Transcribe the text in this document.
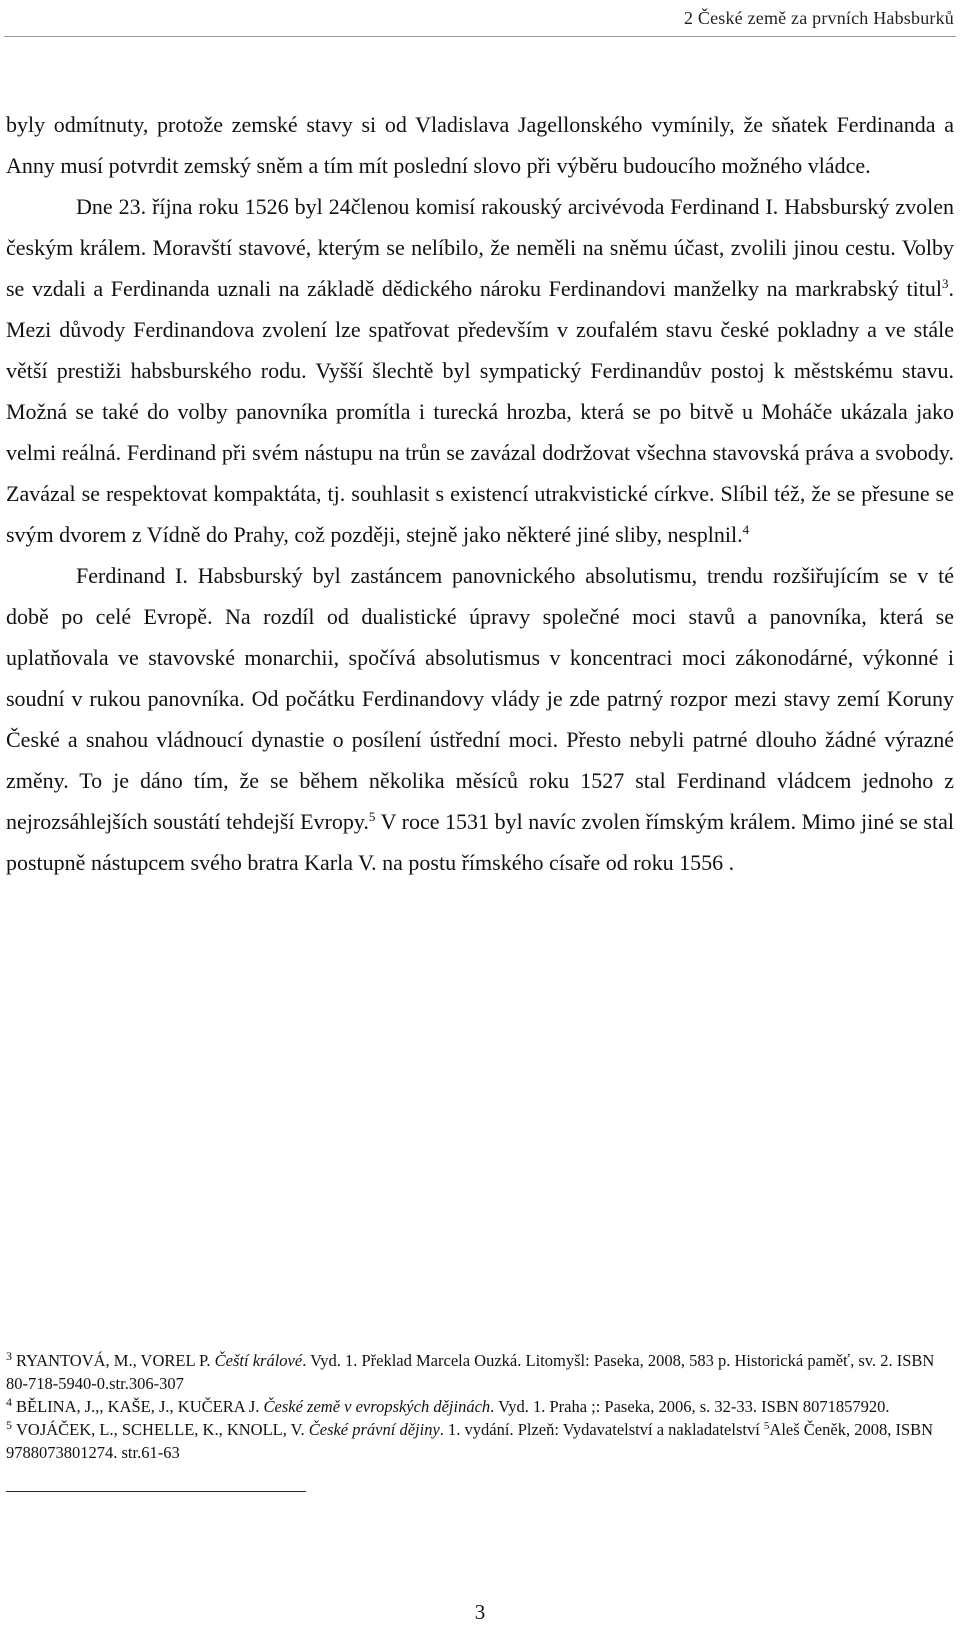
2 České země za prvních Habsburků

byly odmítnuty, protože zemské stavy si od Vladislava Jagellonského vymínily, že sňatek Ferdinanda a Anny musí potvrdit zemský sněm a tím mít poslední slovo při výběru budoucího možného vládce.

Dne 23. října roku 1526 byl 24členou komisí rakouský arcivévoda Ferdinand I. Habsburský zvolen českým králem. Moravští stavové, kterým se nelíbilo, že neměli na sněmu účast, zvolili jinou cestu. Volby se vzdali a Ferdinanda uznali na základě dědického nároku Ferdinandovi manželky na markrabský titul$^3$. Mezi důvody Ferdinandova zvolení lze spatřovat především v zoufalém stavu české pokladny a ve stále větší prestiži habsburského rodu. Vyšší šlechtě byl sympatický Ferdinandův postoj k městskému stavu. Možná se také do volby panovníka promítla i turecká hrozba, která se po bitvě u Moháče ukázala jako velmi reálná. Ferdinand při svém nástupu na trůn se zavázal dodržovat všechna stavovská práva a svobody. Zavázal se respektovat kompaktáta, tj. souhlasit s existencí utrakvistické církve. Slíbil též, že se přesune se svým dvorem z Vídně do Prahy, což později, stejně jako některé jiné sliby, nesplnil.$^4$

Ferdinand I. Habsburský byl zastáncem panovnického absolutismu, trendu rozšiřujícím se v té době po celé Evropě. Na rozdíl od dualistické úpravy společné moci stavů a panovníka, která se uplatňovala ve stavovské monarchii, spočívá absolutismus v koncentraci moci zákonodárné, výkonné i soudní v rukou panovníka. Od počátku Ferdinandovy vlády je zde patrný rozpor mezi stavy zemí Koruny České a snahou vládnoucí dynastie o posílení ústřední moci. Přesto nebyli patrné dlouho žádné výrazné změny. To je dáno tím, že se během několika měsíců roku 1527 stal Ferdinand vládcem jednoho z nejrozsáhlejších soustátí tehdejší Evropy.$^5$ V roce 1531 byl navíc zvolen římským králem. Mimo jiné se stal postupně nástupcem svého bratra Karla V. na postu římského císaře od roku 1556 .

$^3$ RYANTOVÁ, M., VOREL P. Čeští králové. Vyd. 1. Překlad Marcela Ouzká. Litomyšl: Paseka, 2008, 583 p. Historická paměť, sv. 2. ISBN 80-718-5940-0.str.306-307

$^4$ BĚLINA, J.,, KAŠE, J., KUČERA J. České země v evropských dějinách. Vyd. 1. Praha ;: Paseka, 2006, s. 32-33. ISBN 8071857920.

$^5$ VOJÁČEK, L., SCHELLE, K., KNOLL, V. České právní dějiny. 1. vydání. Plzeň: Vydavatelství a nakladatelství $^5$Aleš Čeněk, 2008, ISBN 9788073801274. str.61-63

3
